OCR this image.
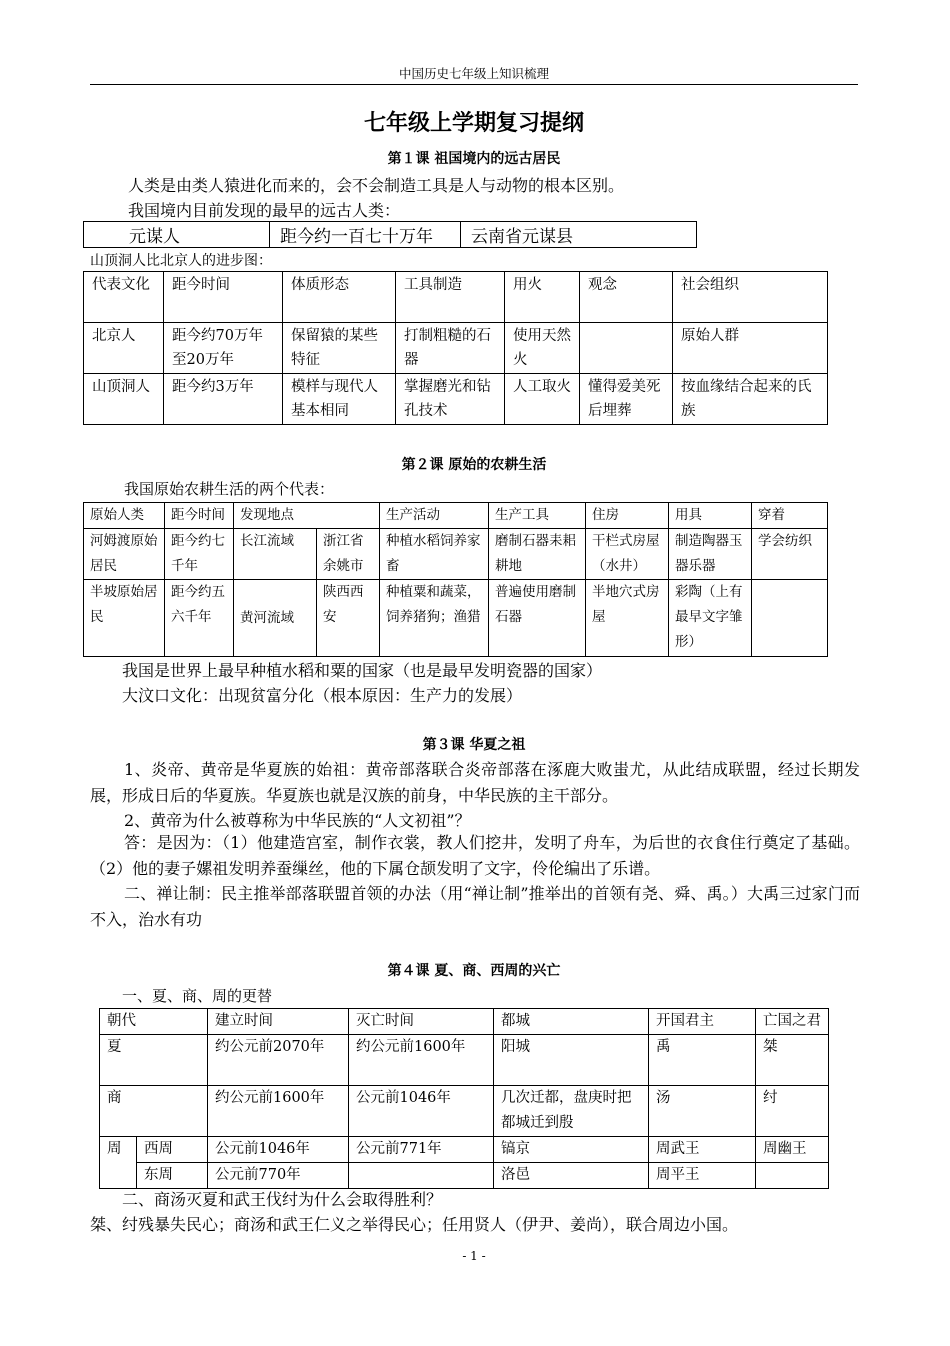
中国历史七年级上知识梳理
七年级上学期复习提纲
第１课 祖国境内的远古居民
人类是由类人猿进化而来的，会不会制造工具是人与动物的根本区别。
我国境内目前发现的最早的远古人类：
元谋人	距今约一百七十万年	云南省元谋县
山顶洞人比北京人的进步图：
代表文化	距今时间	体质形态	工具制造	用火	观念	社会组织
北京人	距今约70万年至20万年	保留猿的某些特征	打制粗糙的石器	使用天然火		原始人群
山顶洞人	距今约3万年	模样与现代人基本相同	掌握磨光和钻孔技术	人工取火	懂得爱美死后埋葬	按血缘结合起来的氏族
第２课 原始的农耕生活
我国原始农耕生活的两个代表：
原始人类	距今时间	发现地点		生产活动	生产工具	住房	用具	穿着
河姆渡原始居民	距今约七千年	长江流域	浙江省余姚市	种植水稻饲养家畜	磨制石器耒耜耕地	干栏式房屋（水井）	制造陶器玉器乐器	学会纺织
半坡原始居民	距今约五六千年	黄河流域	陕西西安	种植粟和蔬菜，饲养猪狗；渔猎	普遍使用磨制石器	半地穴式房屋	彩陶（上有最早文字雏形）	
我国是世界上最早种植水稻和粟的国家（也是最早发明瓷器的国家）
大汶口文化：出现贫富分化（根本原因：生产力的发展）
第３课 华夏之祖
1、炎帝、黄帝是华夏族的始祖：黄帝部落联合炎帝部落在涿鹿大败蚩尤，从此结成联盟，经过长期发展，形成日后的华夏族。华夏族也就是汉族的前身，中华民族的主干部分。
2、黄帝为什么被尊称为中华民族的“人文初祖”？
答：是因为：（1）他建造宫室，制作衣裳，教人们挖井，发明了舟车，为后世的衣食住行奠定了基础。（2）他的妻子嫘祖发明养蚕缫丝，他的下属仓颉发明了文字，伶伦编出了乐谱。
二、禅让制：民主推举部落联盟首领的办法（用“禅让制”推举出的首领有尧、舜、禹。）大禹三过家门而不入，治水有功
第４课 夏、商、西周的兴亡
一、夏、商、周的更替
朝代		建立时间	灭亡时间	都城	开国君主	亡国之君
夏		约公元前2070年	约公元前1600年	阳城	禹	桀
商		约公元前1600年	公元前1046年	几次迁都，盘庚时把都城迁到殷	汤	纣
周	西周	公元前1046年	公元前771年	镐京	周武王	周幽王
	东周	公元前770年		洛邑	周平王	
二、商汤灭夏和武王伐纣为什么会取得胜利？
桀、纣残暴失民心；商汤和武王仁义之举得民心；任用贤人（伊尹、姜尚），联合周边小国。
- 1 -
